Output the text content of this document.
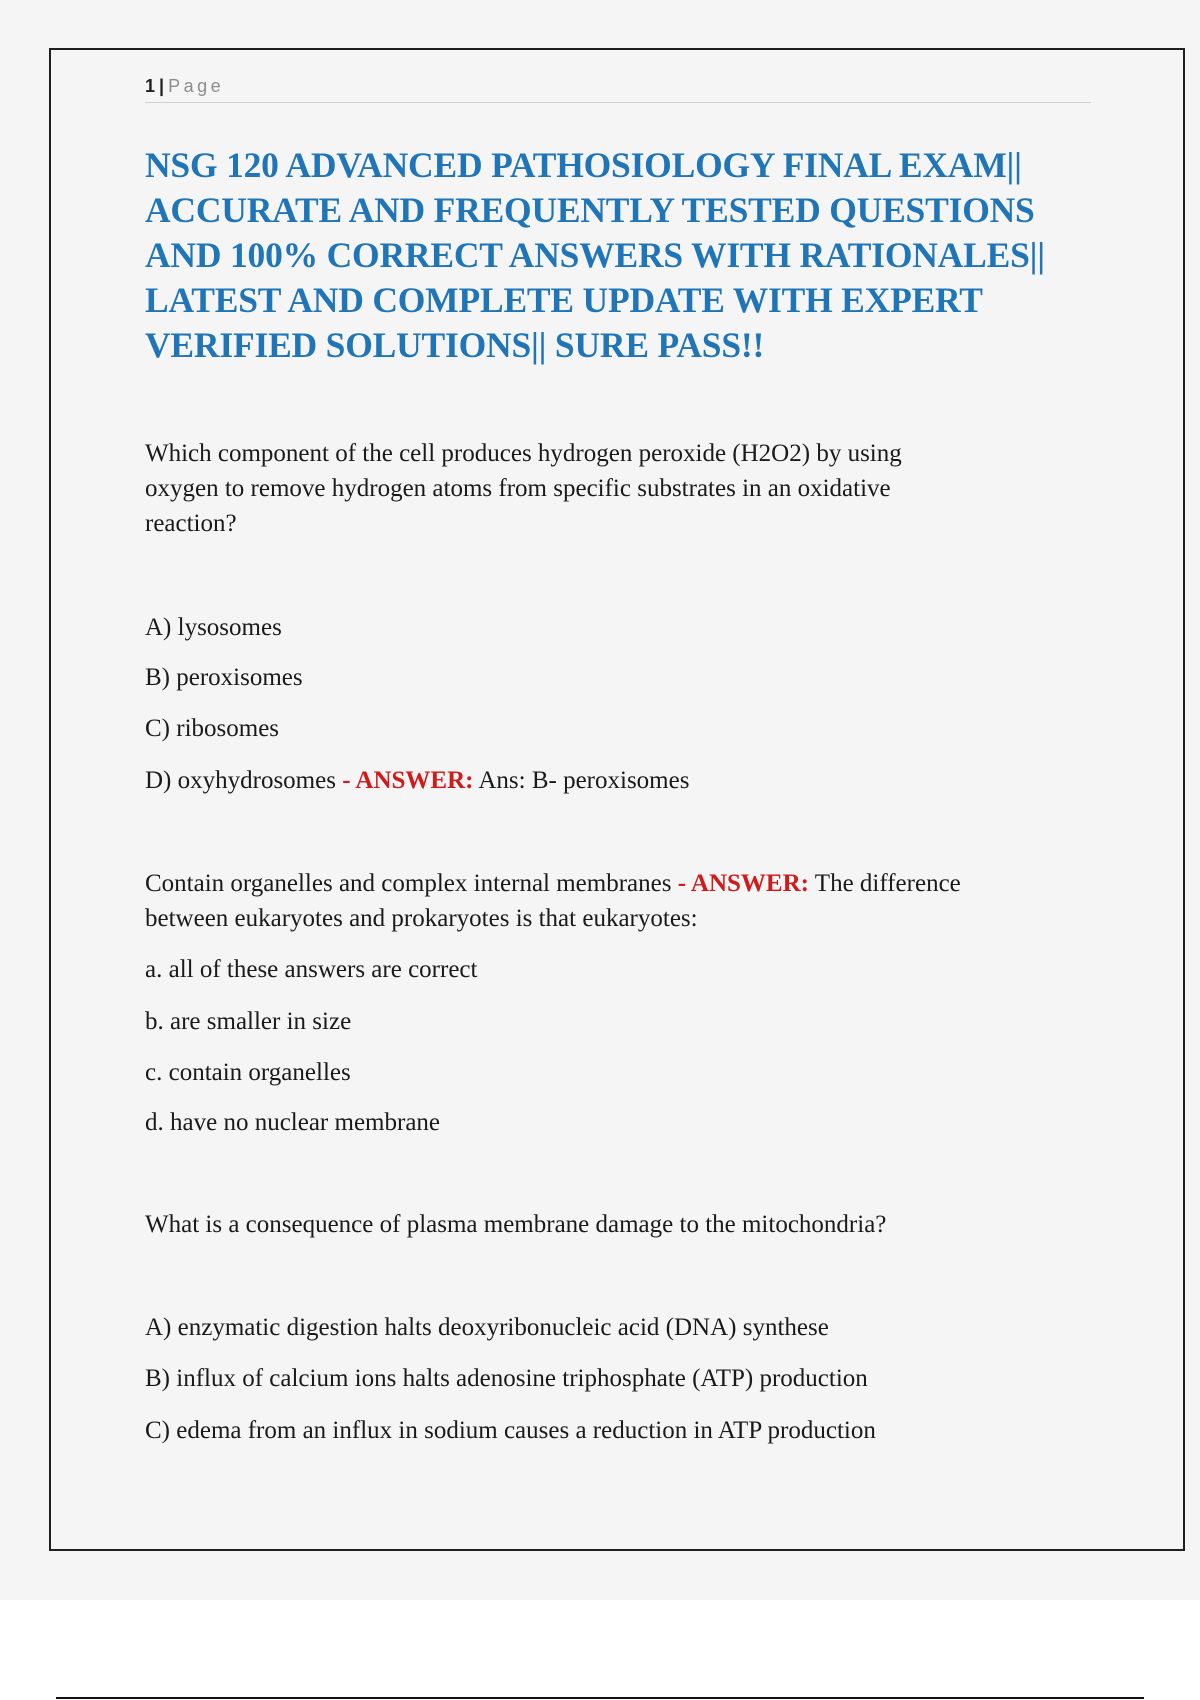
1 | Page
NSG 120 ADVANCED PATHOSIOLOGY FINAL EXAM||
ACCURATE AND FREQUENTLY TESTED QUESTIONS
AND 100% CORRECT ANSWERS WITH RATIONALES||
LATEST AND COMPLETE UPDATE WITH EXPERT
VERIFIED SOLUTIONS|| SURE PASS!!

Which component of the cell produces hydrogen peroxide (H2O2) by using

oxygen to remove hydrogen atoms from specific substrates in an oxidative

reaction?

A) lysosomes

B) peroxisomes

C) ribosomes

D) oxyhydrosomes - ANSWER: Ans: B- peroxisomes

Contain organelles and complex internal membranes - ANSWER: The difference

between eukaryotes and prokaryotes is that eukaryotes:

a. all of these answers are correct

b. are smaller in size

c. contain organelles

d. have no nuclear membrane

What is a consequence of plasma membrane damage to the mitochondria?

A) enzymatic digestion halts deoxyribonucleic acid (DNA) synthese

B) influx of calcium ions halts adenosine triphosphate (ATP) production

C) edema from an influx in sodium causes a reduction in ATP production
